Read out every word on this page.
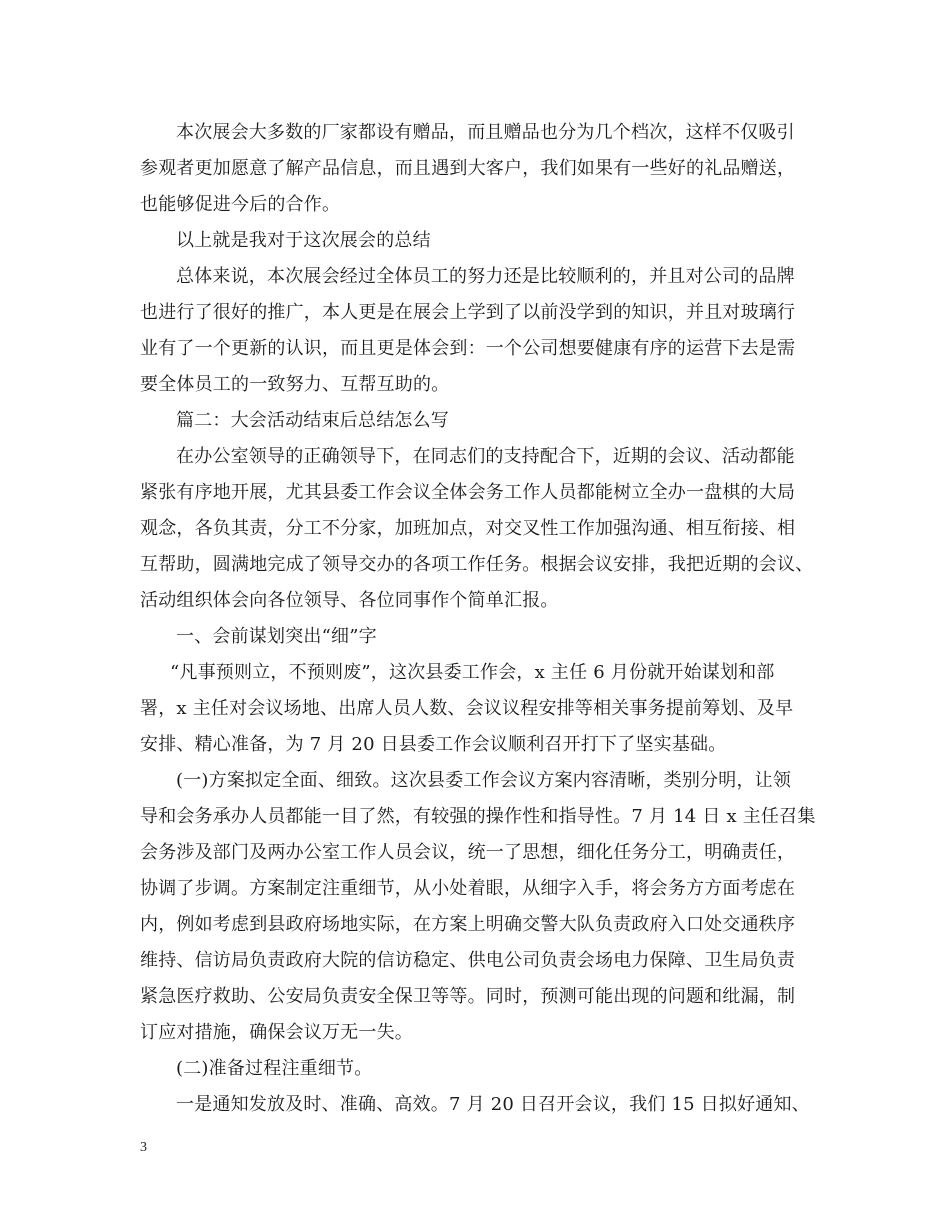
本次展会大多数的厂家都设有赠品，而且赠品也分为几个档次，这样不仅吸引
参观者更加愿意了解产品信息，而且遇到大客户，我们如果有一些好的礼品赠送，
也能够促进今后的合作。
以上就是我对于这次展会的总结
总体来说，本次展会经过全体员工的努力还是比较顺利的，并且对公司的品牌
也进行了很好的推广，本人更是在展会上学到了以前没学到的知识，并且对玻璃行
业有了一个更新的认识，而且更是体会到：一个公司想要健康有序的运营下去是需
要全体员工的一致努力、互帮互助的。
篇二：大会活动结束后总结怎么写
在办公室领导的正确领导下，在同志们的支持配合下，近期的会议、活动都能
紧张有序地开展，尤其县委工作会议全体会务工作人员都能树立全办一盘棋的大局
观念，各负其责，分工不分家，加班加点，对交叉性工作加强沟通、相互衔接、相
互帮助，圆满地完成了领导交办的各项工作任务。根据会议安排，我把近期的会议、
活动组织体会向各位领导、各位同事作个简单汇报。
一、会前谋划突出“细”字
“凡事预则立，不预则废”，这次县委工作会，x 主任 6 月份就开始谋划和部
署，x 主任对会议场地、出席人员人数、会议议程安排等相关事务提前筹划、及早
安排、精心准备，为 7 月 20 日县委工作会议顺利召开打下了坚实基础。
(一)方案拟定全面、细致。这次县委工作会议方案内容清晰，类别分明，让领
导和会务承办人员都能一目了然，有较强的操作性和指导性。7 月 14 日 x 主任召集
会务涉及部门及两办公室工作人员会议，统一了思想，细化任务分工，明确责任，
协调了步调。方案制定注重细节，从小处着眼，从细字入手，将会务方方面考虑在
内，例如考虑到县政府场地实际，在方案上明确交警大队负责政府入口处交通秩序
维持、信访局负责政府大院的信访稳定、供电公司负责会场电力保障、卫生局负责
紧急医疗救助、公安局负责安全保卫等等。同时，预测可能出现的问题和纰漏，制
订应对措施，确保会议万无一失。
(二)准备过程注重细节。
一是通知发放及时、准确、高效。7 月 20 日召开会议，我们 15 日拟好通知、
3
